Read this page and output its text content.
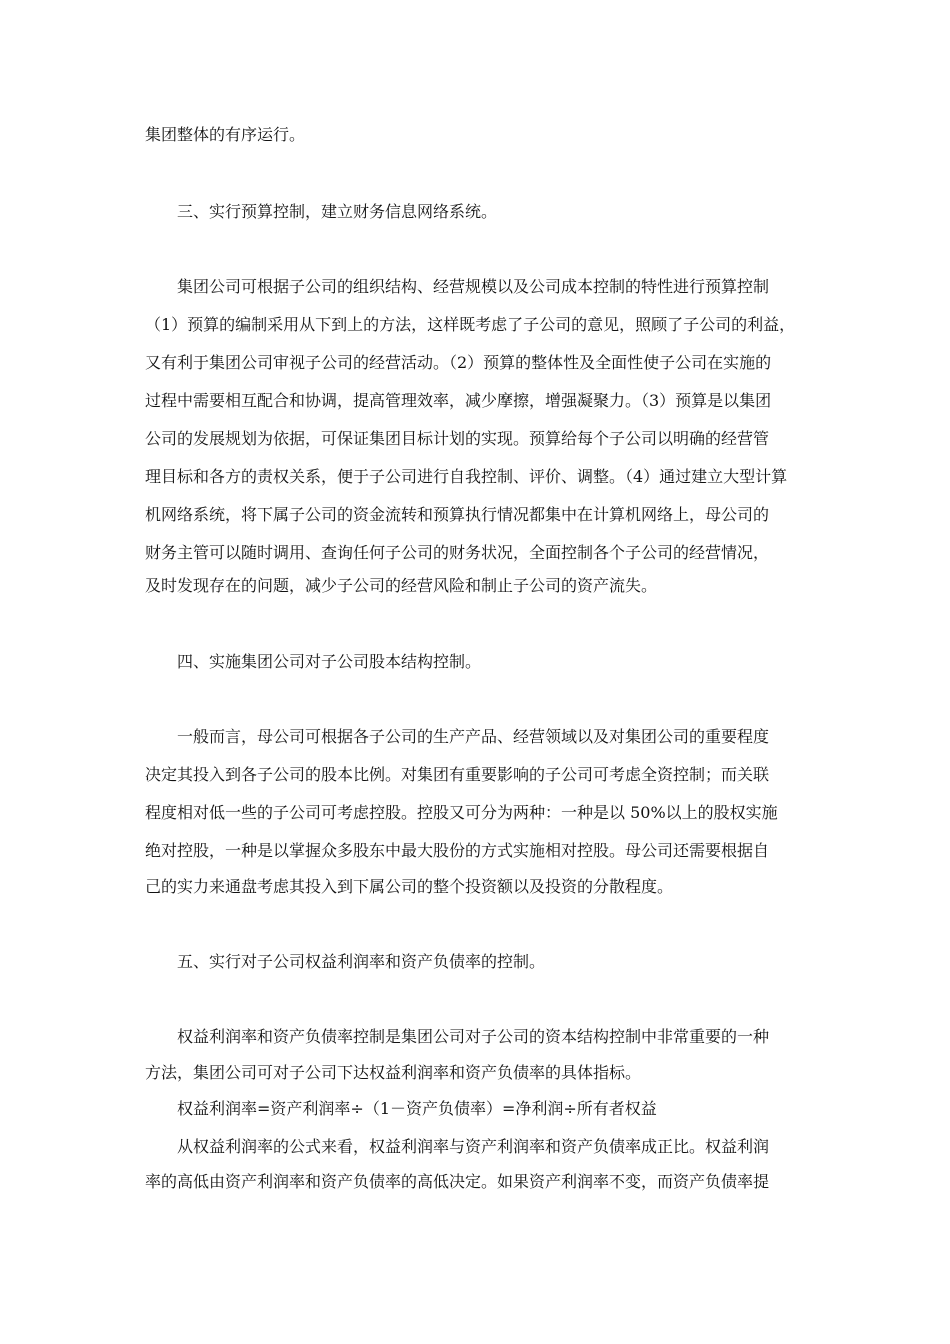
集团整体的有序运行。
三、实行预算控制，建立财务信息网络系统。
集团公司可根据子公司的组织结构、经营规模以及公司成本控制的特性进行预算控制
（1）预算的编制采用从下到上的方法，这样既考虑了子公司的意见，照顾了子公司的利益，
又有利于集团公司审视子公司的经营活动。（2）预算的整体性及全面性使子公司在实施的
过程中需要相互配合和协调，提高管理效率，减少摩擦，增强凝聚力。（3）预算是以集团
公司的发展规划为依据，可保证集团目标计划的实现。预算给每个子公司以明确的经营管
理目标和各方的责权关系，便于子公司进行自我控制、评价、调整。（4）通过建立大型计算
机网络系统，将下属子公司的资金流转和预算执行情况都集中在计算机网络上，母公司的
财务主管可以随时调用、查询任何子公司的财务状况，全面控制各个子公司的经营情况，
及时发现存在的问题，减少子公司的经营风险和制止子公司的资产流失。
四、实施集团公司对子公司股本结构控制。
一般而言，母公司可根据各子公司的生产产品、经营领域以及对集团公司的重要程度
决定其投入到各子公司的股本比例。对集团有重要影响的子公司可考虑全资控制；而关联
程度相对低一些的子公司可考虑控股。控股又可分为两种：一种是以 50%以上的股权实施
绝对控股，一种是以掌握众多股东中最大股份的方式实施相对控股。母公司还需要根据自
己的实力来通盘考虑其投入到下属公司的整个投资额以及投资的分散程度。
五、实行对子公司权益利润率和资产负债率的控制。
权益利润率和资产负债率控制是集团公司对子公司的资本结构控制中非常重要的一种
方法，集团公司可对子公司下达权益利润率和资产负债率的具体指标。
权益利润率=资产利润率÷（1－资产负债率）=净利润÷所有者权益
从权益利润率的公式来看，权益利润率与资产利润率和资产负债率成正比。权益利润
率的高低由资产利润率和资产负债率的高低决定。如果资产利润率不变，而资产负债率提
